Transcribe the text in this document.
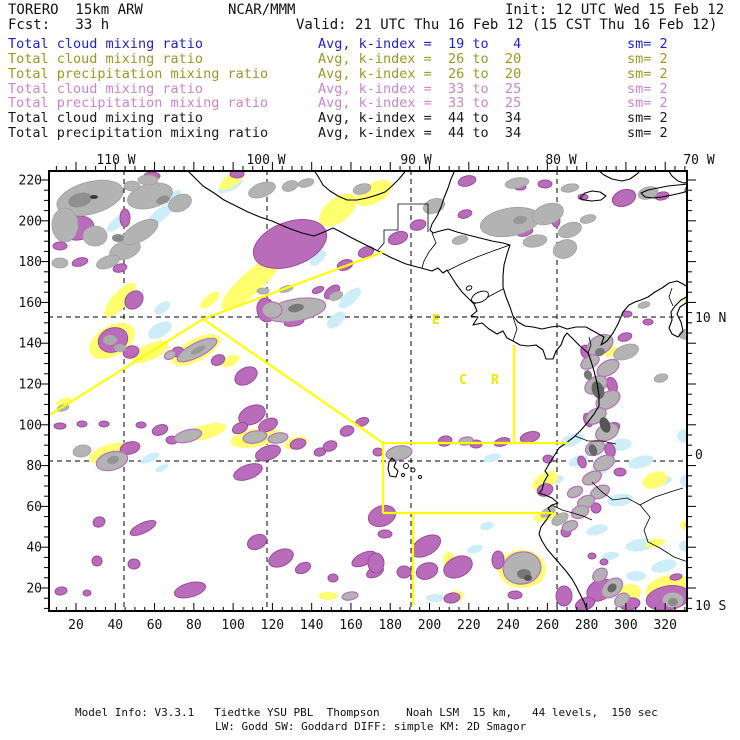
TORERO  15km ARW	NCAR/MMM	Init: 12 UTC Wed 15 Feb 12
Fcst:   33 h	Valid: 21 UTC Thu 16 Feb 12 (15 CST Thu 16 Feb 12)
Total cloud mixing ratio	Avg, k-index =  19 to   4	sm= 2
Total cloud mixing ratio	Avg, k-index =  26 to  20	sm= 2
Total precipitation mixing ratio	Avg, k-index =  26 to  20	sm= 2
Total cloud mixing ratio	Avg, k-index =  33 to  25	sm= 2
Total precipitation mixing ratio	Avg, k-index =  33 to  25	sm= 2
Total cloud mixing ratio	Avg, k-index =  44 to  34	sm= 2
Total precipitation mixing ratio	Avg, k-index =  44 to  34	sm= 2
Model Info: V3.3.1   Tiedtke YSU PBL  Thompson    Noah LSM  15 km,   44 levels,  150 sec
LW: Godd SW: Goddard DIFF: simple KM: 2D Smagor
110 W	100 W	90 W	80 W	70 W
10 N
0
10 S
220
200
180
160
140
120
100
80
60
40
20
20 40 60 80 100 120 140 160 180 200 220 240 260 280 300 320
E
C R
